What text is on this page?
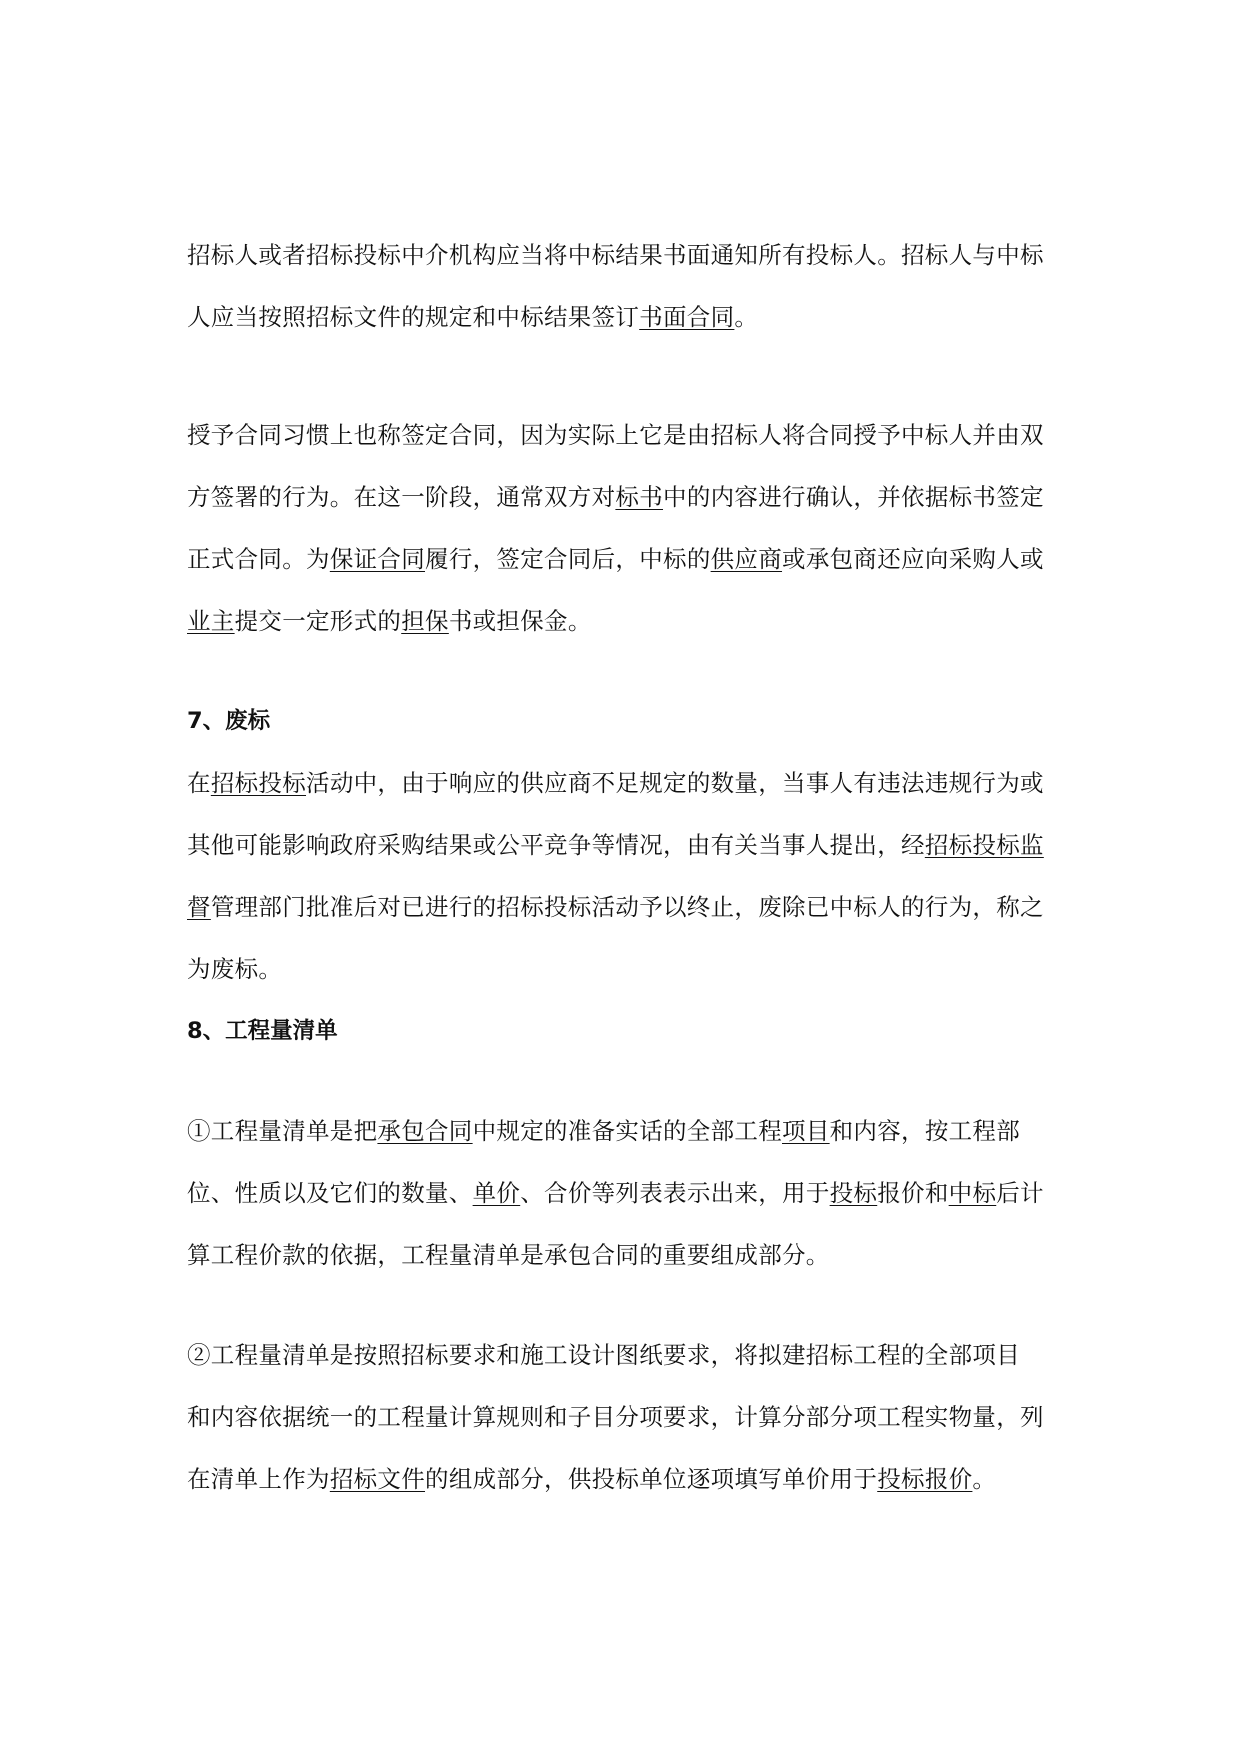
招标人或者招标投标中介机构应当将中标结果书面通知所有投标人。招标人与中标
人应当按照招标文件的规定和中标结果签订书面合同。
授予合同习惯上也称签定合同，因为实际上它是由招标人将合同授予中标人并由双
方签署的行为。在这一阶段，通常双方对标书中的内容进行确认，并依据标书签定
正式合同。为保证合同履行，签定合同后，中标的供应商或承包商还应向采购人或
业主提交一定形式的担保书或担保金。
7、废标
在招标投标活动中，由于响应的供应商不足规定的数量，当事人有违法违规行为或
其他可能影响政府采购结果或公平竞争等情况，由有关当事人提出，经招标投标监
督管理部门批准后对已进行的招标投标活动予以终止，废除已中标人的行为，称之
为废标。
8、工程量清单
①工程量清单是把承包合同中规定的准备实话的全部工程项目和内容，按工程部
位、性质以及它们的数量、单价、合价等列表表示出来，用于投标报价和中标后计
算工程价款的依据，工程量清单是承包合同的重要组成部分。
②工程量清单是按照招标要求和施工设计图纸要求，将拟建招标工程的全部项目
和内容依据统一的工程量计算规则和子目分项要求，计算分部分项工程实物量，列
在清单上作为招标文件的组成部分，供投标单位逐项填写单价用于投标报价。
